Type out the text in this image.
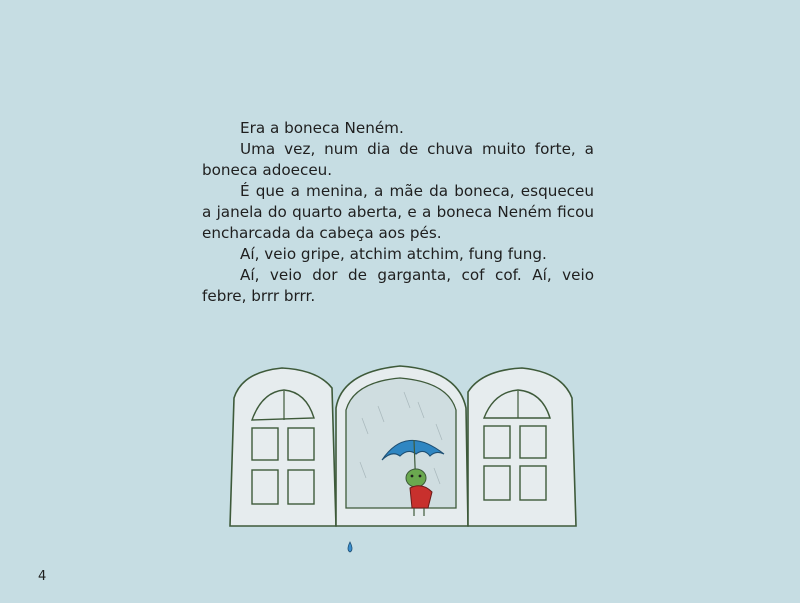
Era a boneca Neném.

Uma vez, num dia de chuva muito forte, a boneca adoeceu.

É que a menina, a mãe da boneca, esqueceu a janela do quarto aberta, e a boneca Neném ficou encharcada da cabeça aos pés.

Aí, veio gripe, atchim atchim, fung fung.

Aí, veio dor de garganta, cof cof. Aí, veio febre, brrr brrr.

4
